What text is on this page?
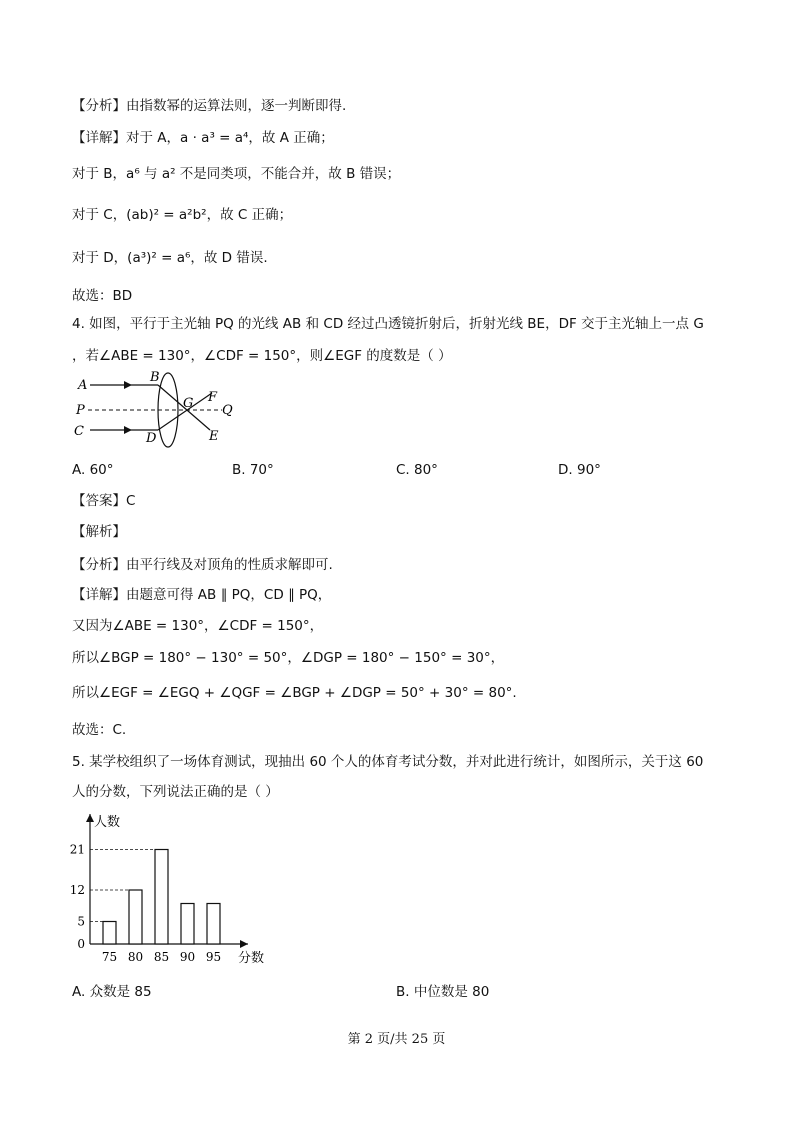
【分析】由指数幂的运算法则，逐一判断即得.
【详解】对于 A，a · a³ = a⁴，故 A 正确；
对于 B，a⁶ 与 a² 不是同类项，不能合并，故 B 错误；
对于 C，(ab)² = a²b²，故 C 正确；
对于 D，(a³)² = a⁶，故 D 错误.
故选：BD
4. 如图，平行于主光轴 PQ 的光线 AB 和 CD 经过凸透镜折射后，折射光线 BE，DF 交于主光轴上一点 G
，若∠ABE = 130°，∠CDF = 150°，则∠EGF 的度数是（ ）
A
B
C	D	E
F
G
P	Q
A. 60°	B. 70°	C. 80°	D. 90°
【答案】C
【解析】
【分析】由平行线及对顶角的性质求解即可.
【详解】由题意可得 AB ∥ PQ，CD ∥ PQ，
又因为∠ABE = 130°，∠CDF = 150°，
所以∠BGP = 180° − 130° = 50°，∠DGP = 180° − 150° = 30°，
所以∠EGF = ∠EGQ + ∠QGF = ∠BGP + ∠DGP = 50° + 30° = 80°.
故选：C.
5. 某学校组织了一场体育测试，现抽出 60 个人的体育考试分数，并对此进行统计，如图所示，关于这 60
人的分数，下列说法正确的是（ ）
人数
分数
75 80 85 90 95
0
5
12
21
A. 众数是 85	B. 中位数是 80
第 2 页/共 25 页
